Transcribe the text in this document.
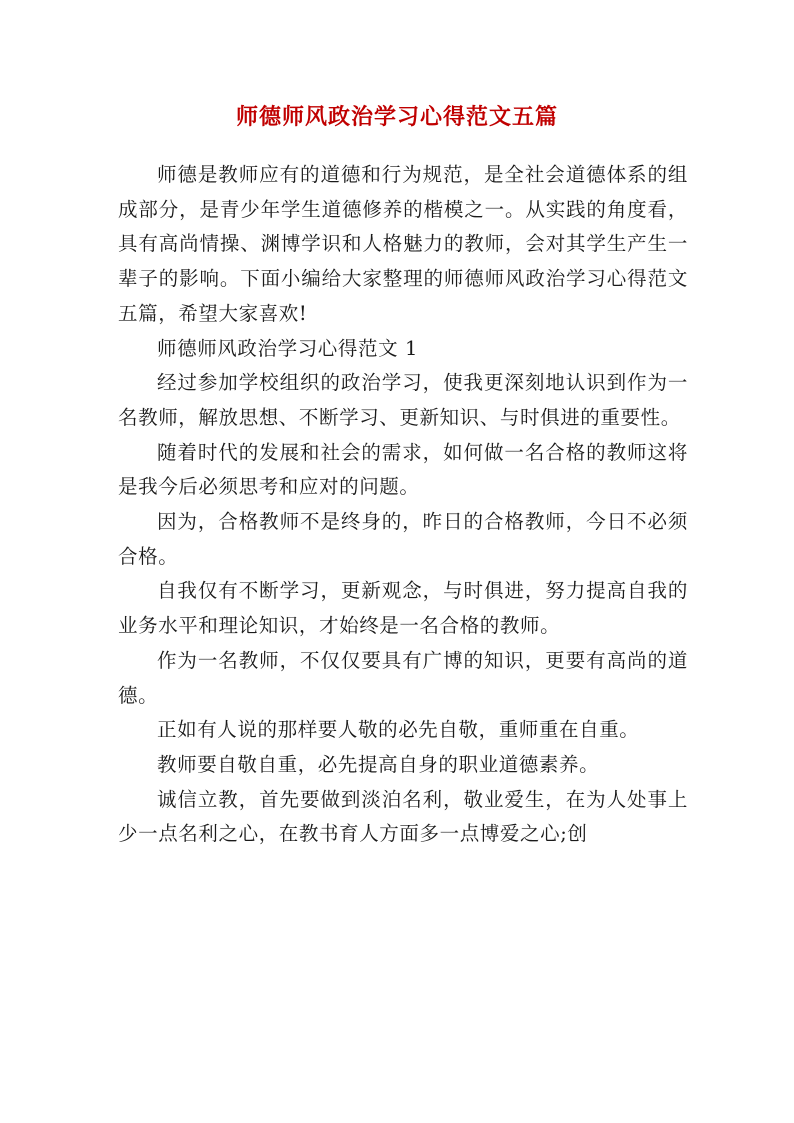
师德师风政治学习心得范文五篇

师德是教师应有的道德和行为规范，是全社会道德体系的组成部分，是青少年学生道德修养的楷模之一。从实践的角度看，具有高尚情操、渊博学识和人格魅力的教师，会对其学生产生一辈子的影响。下面小编给大家整理的师德师风政治学习心得范文五篇，希望大家喜欢!

师德师风政治学习心得范文 1

经过参加学校组织的政治学习，使我更深刻地认识到作为一名教师，解放思想、不断学习、更新知识、与时俱进的重要性。

随着时代的发展和社会的需求，如何做一名合格的教师这将是我今后必须思考和应对的问题。

因为，合格教师不是终身的，昨日的合格教师，今日不必须合格。

自我仅有不断学习，更新观念，与时俱进，努力提高自我的业务水平和理论知识，才始终是一名合格的教师。

作为一名教师，不仅仅要具有广博的知识，更要有高尚的道德。

正如有人说的那样要人敬的必先自敬，重师重在自重。

教师要自敬自重，必先提高自身的职业道德素养。

诚信立教，首先要做到淡泊名利，敬业爱生，在为人处事上少一点名利之心，在教书育人方面多一点博爱之心;创
